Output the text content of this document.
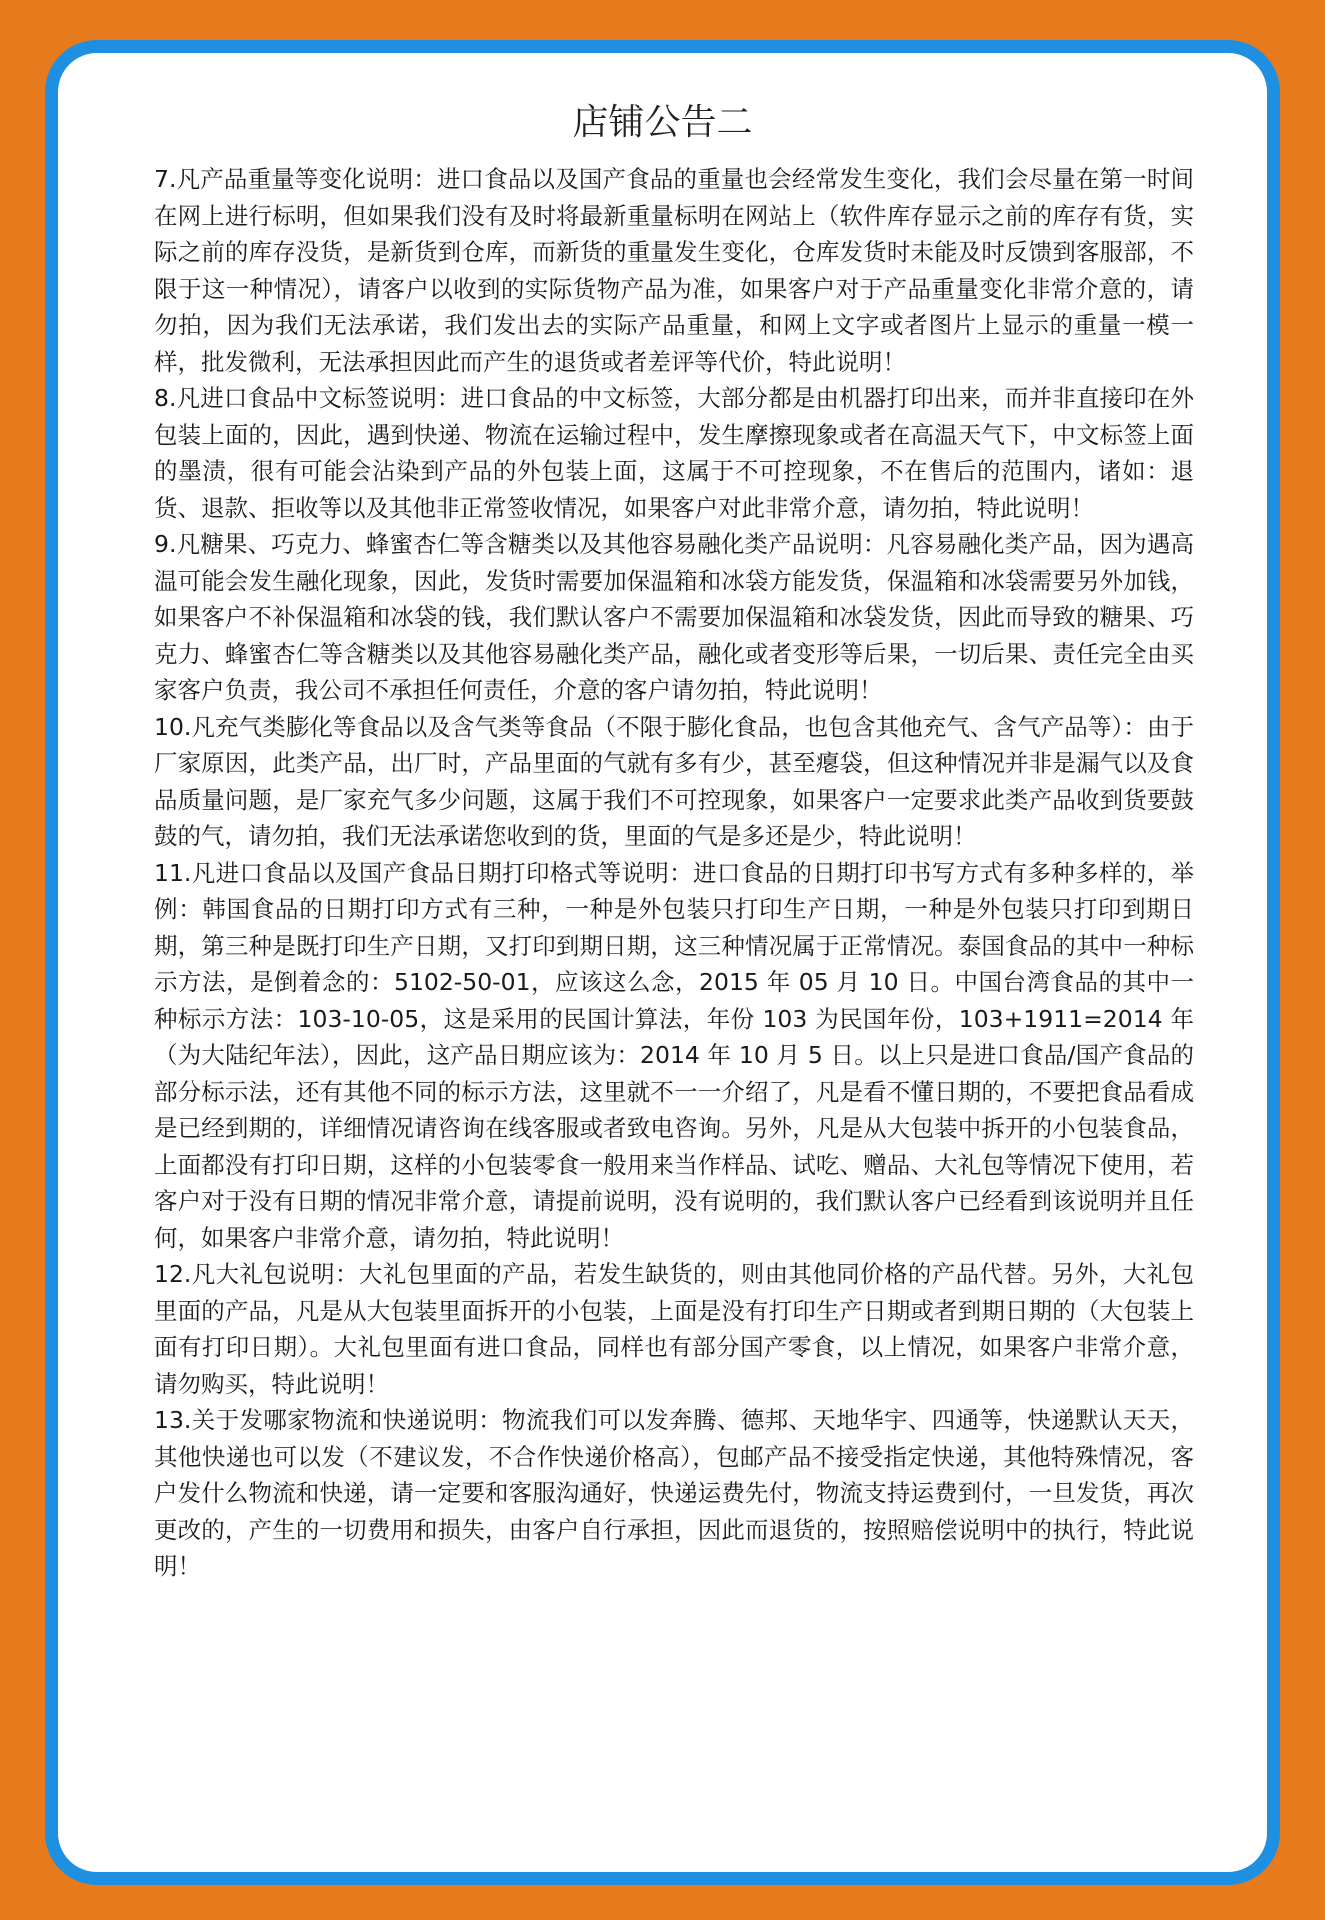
店铺公告二

7.凡产品重量等变化说明：进口食品以及国产食品的重量也会经常发生变化，我们会尽量在第一时间在网上进行标明，但如果我们没有及时将最新重量标明在网站上（软件库存显示之前的库存有货，实际之前的库存没货，是新货到仓库，而新货的重量发生变化，仓库发货时未能及时反馈到客服部，不限于这一种情况），请客户以收到的实际货物产品为准，如果客户对于产品重量变化非常介意的，请勿拍，因为我们无法承诺，我们发出去的实际产品重量，和网上文字或者图片上显示的重量一模一样，批发微利，无法承担因此而产生的退货或者差评等代价，特此说明！

8.凡进口食品中文标签说明：进口食品的中文标签，大部分都是由机器打印出来，而并非直接印在外包装上面的，因此，遇到快递、物流在运输过程中，发生摩擦现象或者在高温天气下，中文标签上面的墨渍，很有可能会沾染到产品的外包装上面，这属于不可控现象，不在售后的范围内，诸如：退货、退款、拒收等以及其他非正常签收情况，如果客户对此非常介意，请勿拍，特此说明！

9.凡糖果、巧克力、蜂蜜杏仁等含糖类以及其他容易融化类产品说明：凡容易融化类产品，因为遇高温可能会发生融化现象，因此，发货时需要加保温箱和冰袋方能发货，保温箱和冰袋需要另外加钱，如果客户不补保温箱和冰袋的钱，我们默认客户不需要加保温箱和冰袋发货，因此而导致的糖果、巧克力、蜂蜜杏仁等含糖类以及其他容易融化类产品，融化或者变形等后果，一切后果、责任完全由买家客户负责，我公司不承担任何责任，介意的客户请勿拍，特此说明！

10.凡充气类膨化等食品以及含气类等食品（不限于膨化食品，也包含其他充气、含气产品等）：由于厂家原因，此类产品，出厂时，产品里面的气就有多有少，甚至瘪袋，但这种情况并非是漏气以及食品质量问题，是厂家充气多少问题，这属于我们不可控现象，如果客户一定要求此类产品收到货要鼓鼓的气，请勿拍，我们无法承诺您收到的货，里面的气是多还是少，特此说明！

11.凡进口食品以及国产食品日期打印格式等说明：进口食品的日期打印书写方式有多种多样的，举例：韩国食品的日期打印方式有三种，一种是外包装只打印生产日期，一种是外包装只打印到期日期，第三种是既打印生产日期，又打印到期日期，这三种情况属于正常情况。泰国食品的其中一种标示方法，是倒着念的：5102-50-01，应该这么念，2015 年 05 月 10 日。中国台湾食品的其中一种标示方法：103-10-05，这是采用的民国计算法，年份 103 为民国年份，103+1911=2014 年（为大陆纪年法），因此，这产品日期应该为：2014 年 10 月 5 日。以上只是进口食品/国产食品的部分标示法，还有其他不同的标示方法，这里就不一一介绍了，凡是看不懂日期的，不要把食品看成是已经到期的，详细情况请咨询在线客服或者致电咨询。另外，凡是从大包装中拆开的小包装食品，上面都没有打印日期，这样的小包装零食一般用来当作样品、试吃、赠品、大礼包等情况下使用，若客户对于没有日期的情况非常介意，请提前说明，没有说明的，我们默认客户已经看到该说明并且任何，如果客户非常介意，请勿拍，特此说明！

12.凡大礼包说明：大礼包里面的产品，若发生缺货的，则由其他同价格的产品代替。另外，大礼包里面的产品，凡是从大包装里面拆开的小包装，上面是没有打印生产日期或者到期日期的（大包装上面有打印日期）。大礼包里面有进口食品，同样也有部分国产零食，以上情况，如果客户非常介意，请勿购买，特此说明！

13.关于发哪家物流和快递说明：物流我们可以发奔腾、德邦、天地华宇、四通等，快递默认天天，其他快递也可以发（不建议发，不合作快递价格高），包邮产品不接受指定快递，其他特殊情况，客户发什么物流和快递，请一定要和客服沟通好，快递运费先付，物流支持运费到付，一旦发货，再次更改的，产生的一切费用和损失，由客户自行承担，因此而退货的，按照赔偿说明中的执行，特此说明！
